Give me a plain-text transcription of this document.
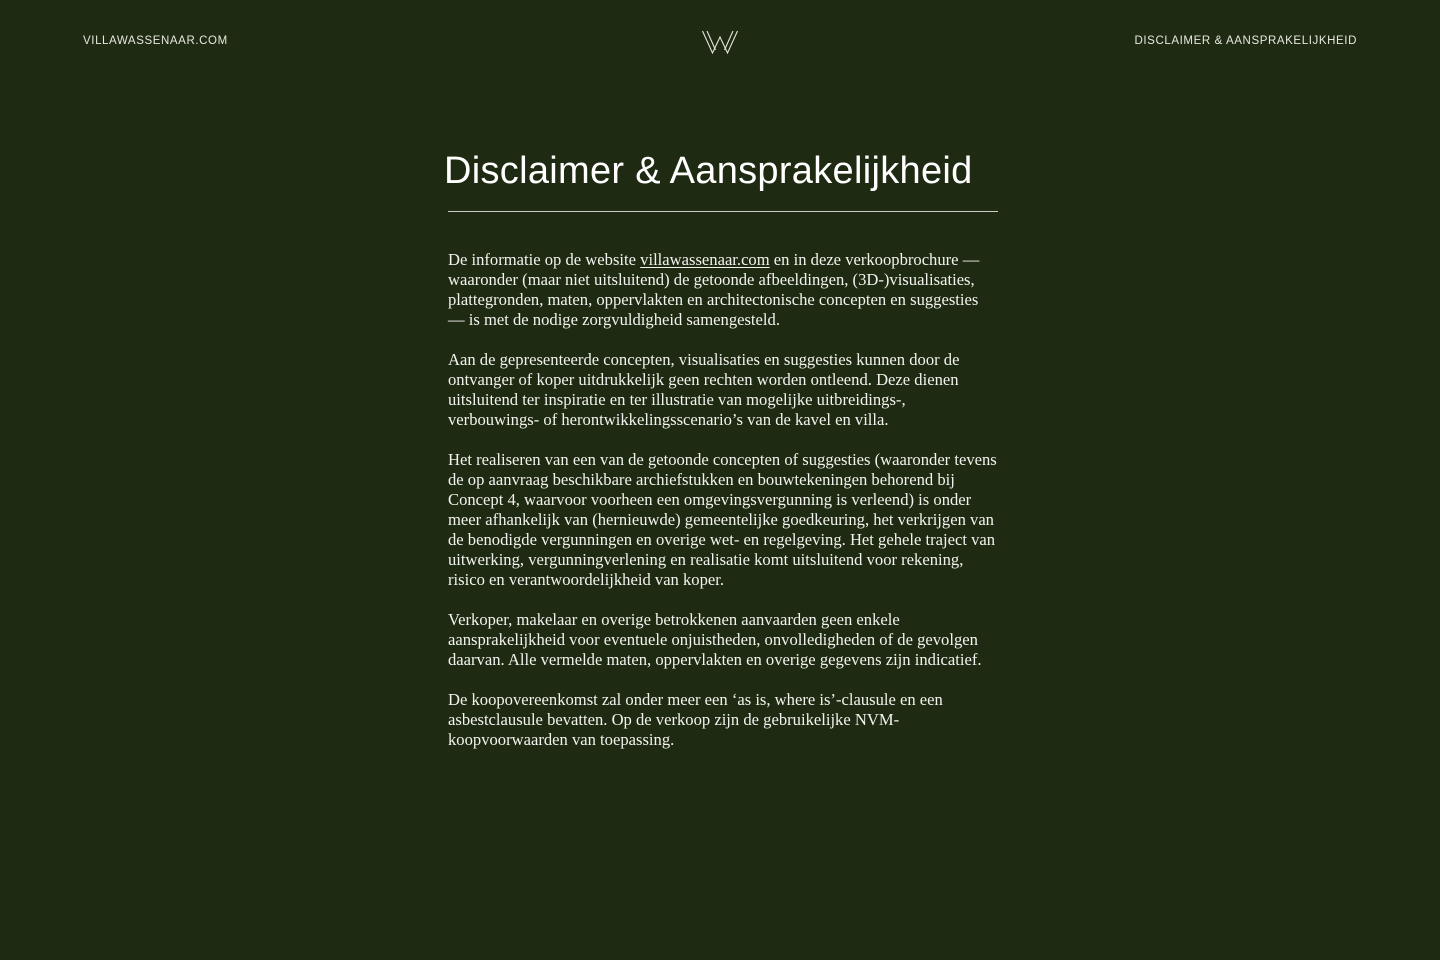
VILLAWASSENAAR.COM	DISCLAIMER & AANSPRAKELIJKHEID
Disclaimer & Aansprakelijkheid

De informatie op de website villawassenaar.com en in deze verkoopbrochure — waaronder (maar niet uitsluitend) de getoonde afbeeldingen, (3D-)visualisaties, plattegronden, maten, oppervlakten en architectonische concepten en suggesties — is met de nodige zorgvuldigheid samengesteld.

Aan de gepresenteerde concepten, visualisaties en suggesties kunnen door de ontvanger of koper uitdrukkelijk geen rechten worden ontleend. Deze dienen uitsluitend ter inspiratie en ter illustratie van mogelijke uitbreidings-, verbouwings- of herontwikkelingsscenario’s van de kavel en villa.

Het realiseren van een van de getoonde concepten of suggesties (waaronder tevens de op aanvraag beschikbare archiefstukken en bouwtekeningen behorend bij Concept 4, waarvoor voorheen een omgevingsvergunning is verleend) is onder meer afhankelijk van (hernieuwde) gemeentelijke goedkeuring, het verkrijgen van de benodigde vergunningen en overige wet- en regelgeving. Het gehele traject van uitwerking, vergunningverlening en realisatie komt uitsluitend voor rekening, risico en verantwoordelijkheid van koper.

Verkoper, makelaar en overige betrokkenen aanvaarden geen enkele aansprakelijkheid voor eventuele onjuistheden, onvolledigheden of de gevolgen daarvan. Alle vermelde maten, oppervlakten en overige gegevens zijn indicatief.

De koopovereenkomst zal onder meer een ‘as is, where is’-clausule en een asbestclausule bevatten. Op de verkoop zijn de gebruikelijke NVM-koopvoorwaarden van toepassing.
